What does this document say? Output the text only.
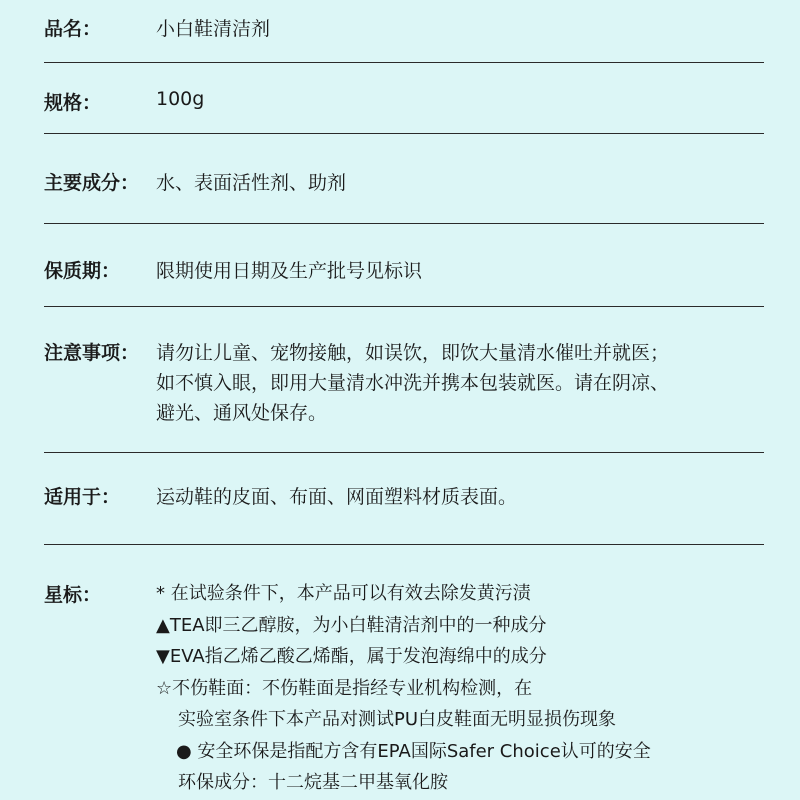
品名：	小白鞋清洁剂
规格：	100g
主要成分： 水、表面活性剂、助剂
保质期： 限期使用日期及生产批号见标识
注意事项： 请勿让儿童、宠物接触，如误饮，即饮大量清水催吐并就医；
如不慎入眼，即用大量清水冲洗并携本包装就医。请在阴凉、
避光、通风处保存。
适用于： 运动鞋的皮面、布面、网面塑料材质表面。
星标：	* 在试验条件下，本产品可以有效去除发黄污渍
▲TEA即三乙醇胺，为小白鞋清洁剂中的一种成分
▼EVA指乙烯乙酸乙烯酯，属于发泡海绵中的成分
☆不伤鞋面：不伤鞋面是指经专业机构检测，在
实验室条件下本产品对测试PU白皮鞋面无明显损伤现象
● 安全环保是指配方含有EPA国际Safer Choice认可的安全
环保成分：十二烷基二甲基氧化胺
